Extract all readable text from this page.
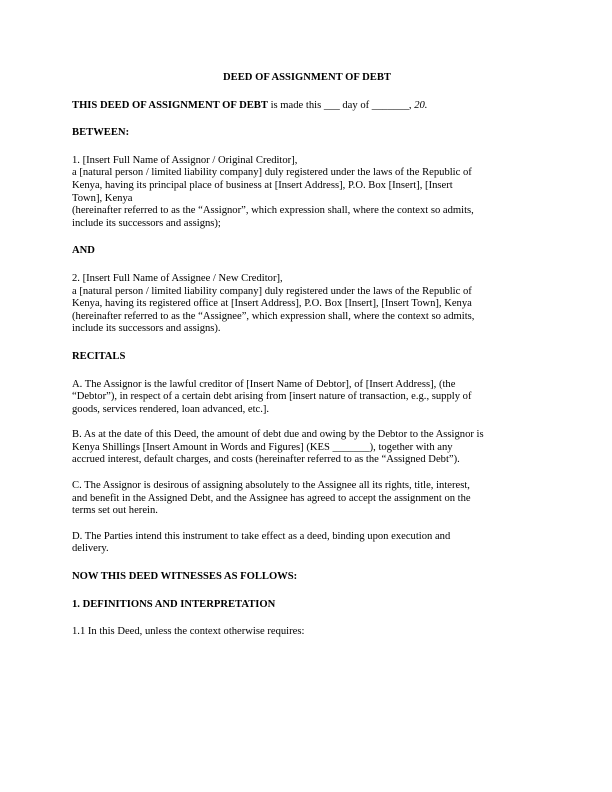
DEED OF ASSIGNMENT OF DEBT
THIS DEED OF ASSIGNMENT OF DEBT is made this ___ day of _______, 20.
BETWEEN:
1. [Insert Full Name of Assignor / Original Creditor],
a [natural person / limited liability company] duly registered under the laws of the Republic of
Kenya, having its principal place of business at [Insert Address], P.O. Box [Insert], [Insert
Town], Kenya
(hereinafter referred to as the “Assignor”, which expression shall, where the context so admits,
include its successors and assigns);
AND
2. [Insert Full Name of Assignee / New Creditor],
a [natural person / limited liability company] duly registered under the laws of the Republic of
Kenya, having its registered office at [Insert Address], P.O. Box [Insert], [Insert Town], Kenya
(hereinafter referred to as the “Assignee”, which expression shall, where the context so admits,
include its successors and assigns).
RECITALS
A. The Assignor is the lawful creditor of [Insert Name of Debtor], of [Insert Address], (the
“Debtor”), in respect of a certain debt arising from [insert nature of transaction, e.g., supply of
goods, services rendered, loan advanced, etc.].
B. As at the date of this Deed, the amount of debt due and owing by the Debtor to the Assignor is
Kenya Shillings [Insert Amount in Words and Figures] (KES _______), together with any
accrued interest, default charges, and costs (hereinafter referred to as the “Assigned Debt”).
C. The Assignor is desirous of assigning absolutely to the Assignee all its rights, title, interest,
and benefit in the Assigned Debt, and the Assignee has agreed to accept the assignment on the
terms set out herein.
D. The Parties intend this instrument to take effect as a deed, binding upon execution and
delivery.
NOW THIS DEED WITNESSES AS FOLLOWS:
1. DEFINITIONS AND INTERPRETATION
1.1 In this Deed, unless the context otherwise requires:
